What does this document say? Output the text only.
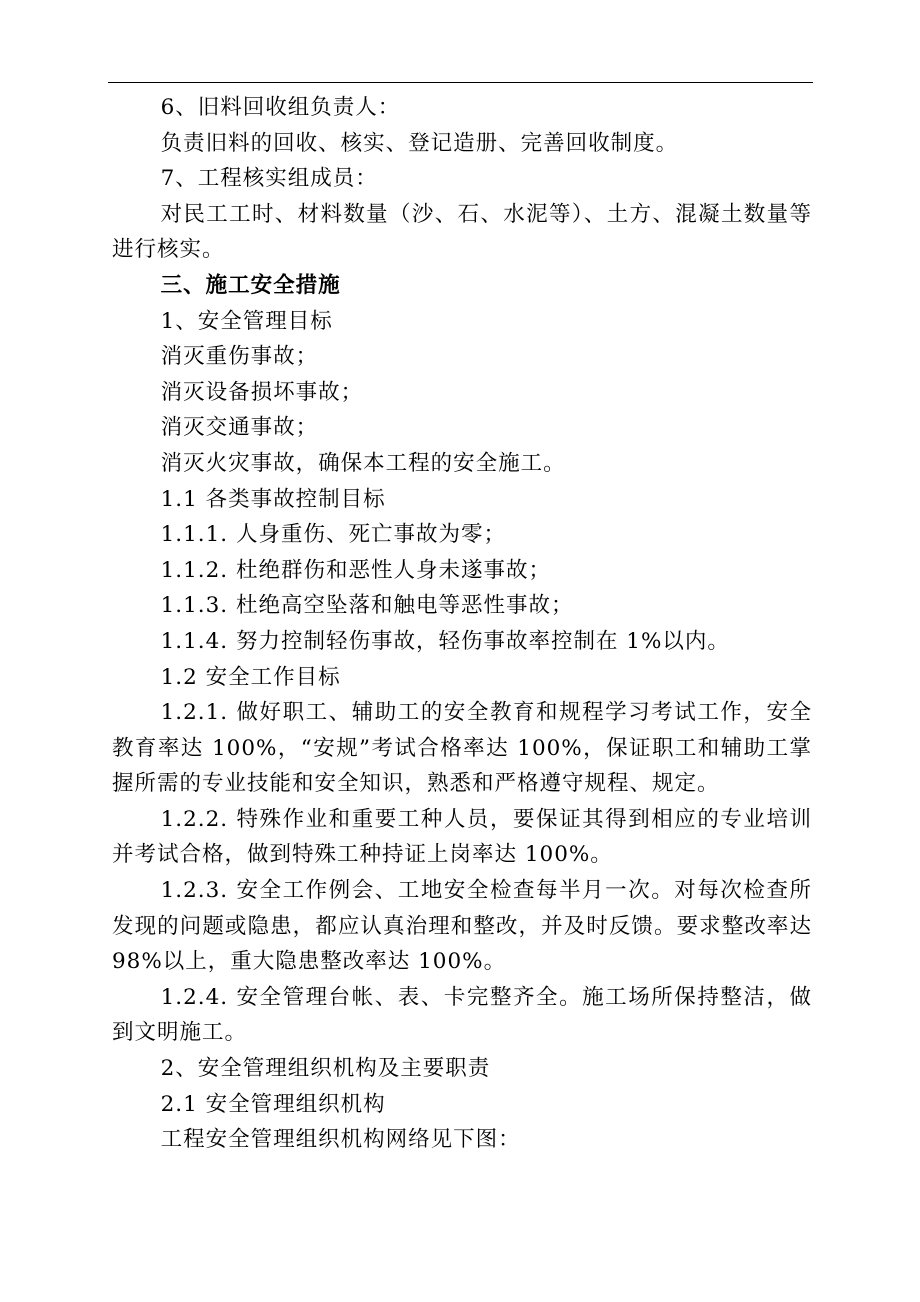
6、旧料回收组负责人：

负责旧料的回收、核实、登记造册、完善回收制度。

7、工程核实组成员：

对民工工时、材料数量（沙、石、水泥等）、土方、混凝土数量等进行核实。

三、施工安全措施

1、安全管理目标

消灭重伤事故；

消灭设备损坏事故；

消灭交通事故；

消灭火灾事故，确保本工程的安全施工。

1.1 各类事故控制目标

1.1.1. 人身重伤、死亡事故为零；

1.1.2. 杜绝群伤和恶性人身未遂事故；

1.1.3. 杜绝高空坠落和触电等恶性事故；

1.1.4. 努力控制轻伤事故，轻伤事故率控制在 1%以内。

1.2 安全工作目标

1.2.1. 做好职工、辅助工的安全教育和规程学习考试工作，安全教育率达 100%，“安规”考试合格率达 100%，保证职工和辅助工掌握所需的专业技能和安全知识，熟悉和严格遵守规程、规定。

1.2.2. 特殊作业和重要工种人员，要保证其得到相应的专业培训并考试合格，做到特殊工种持证上岗率达 100%。

1.2.3. 安全工作例会、工地安全检查每半月一次。对每次检查所发现的问题或隐患，都应认真治理和整改，并及时反馈。要求整改率达 98%以上，重大隐患整改率达 100%。

1.2.4. 安全管理台帐、表、卡完整齐全。施工场所保持整洁，做到文明施工。

2、安全管理组织机构及主要职责

2.1 安全管理组织机构

工程安全管理组织机构网络见下图：
